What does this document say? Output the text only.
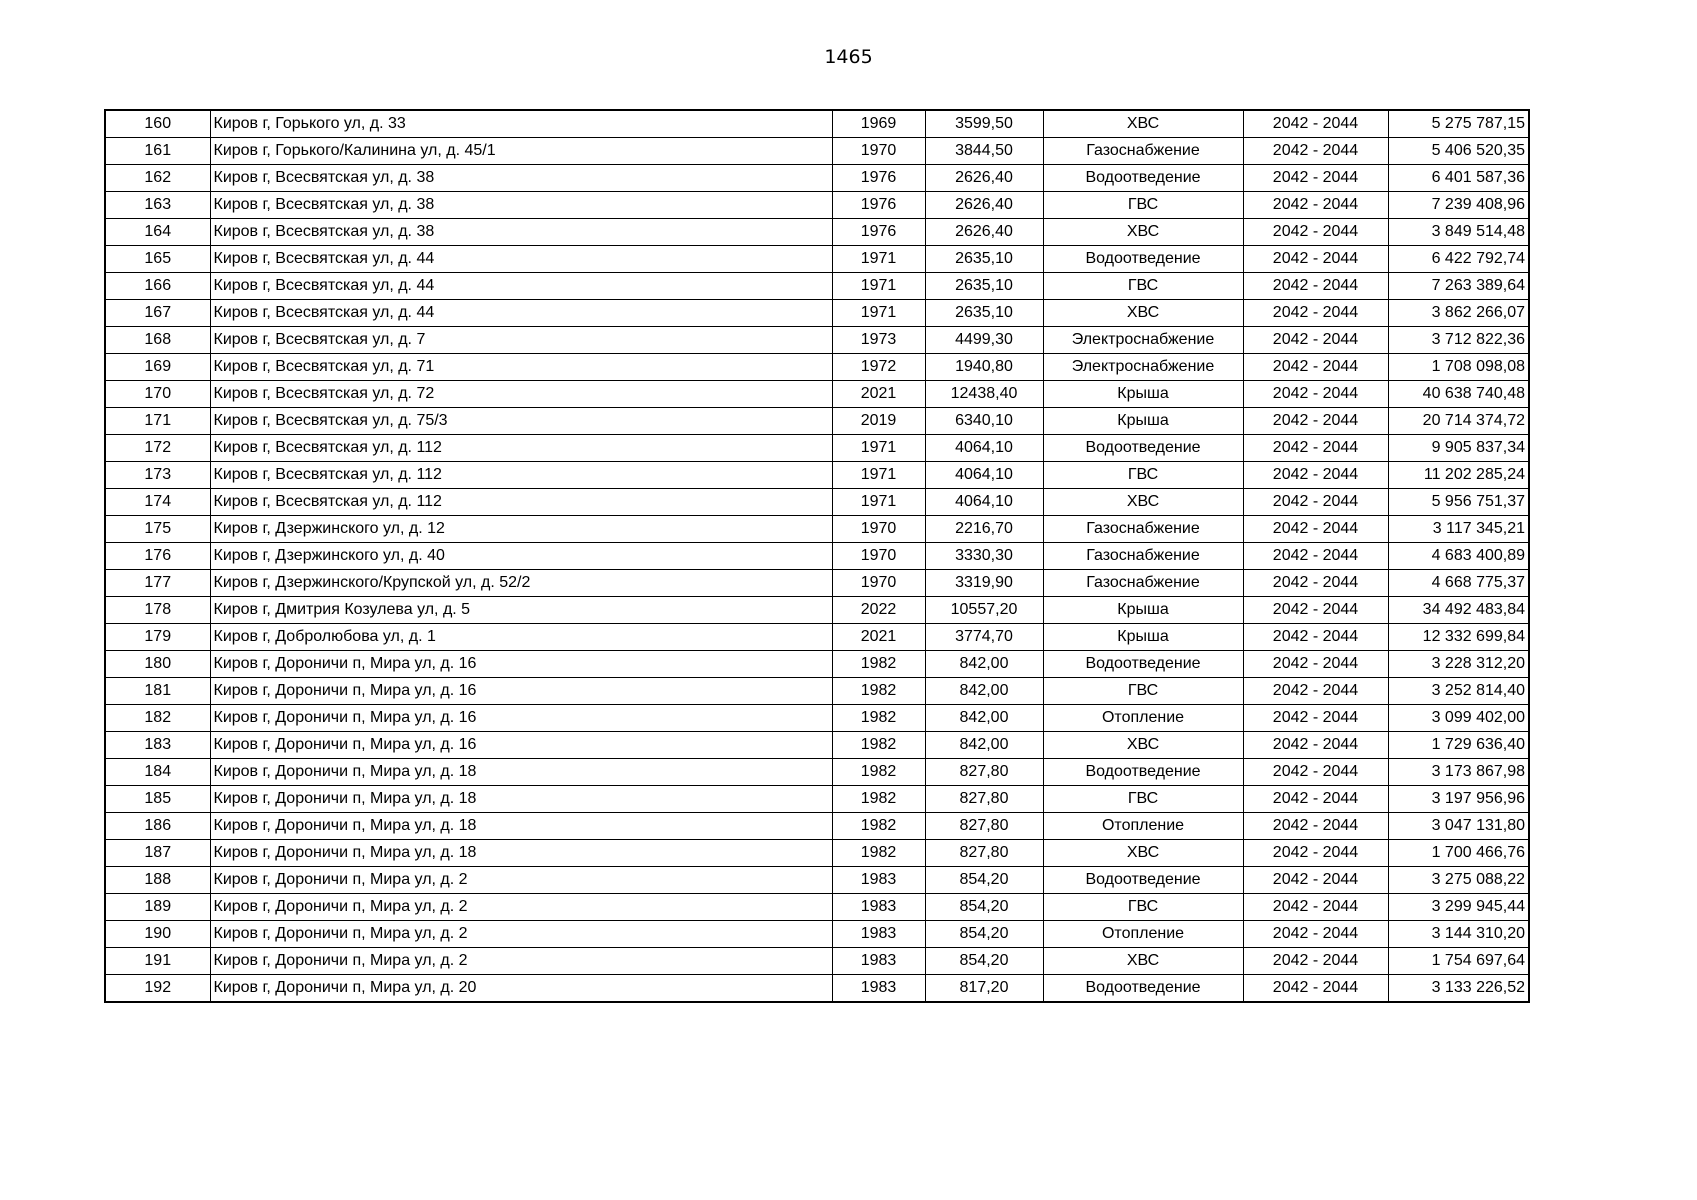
1465
160	Киров г, Горького ул, д. 33	1969	3599,50	ХВС	2042 - 2044	5 275 787,15
161	Киров г, Горького/Калинина ул, д. 45/1	1970	3844,50	Газоснабжение	2042 - 2044	5 406 520,35
162	Киров г, Всесвятская ул, д. 38	1976	2626,40	Водоотведение	2042 - 2044	6 401 587,36
163	Киров г, Всесвятская ул, д. 38	1976	2626,40	ГВС	2042 - 2044	7 239 408,96
164	Киров г, Всесвятская ул, д. 38	1976	2626,40	ХВС	2042 - 2044	3 849 514,48
165	Киров г, Всесвятская ул, д. 44	1971	2635,10	Водоотведение	2042 - 2044	6 422 792,74
166	Киров г, Всесвятская ул, д. 44	1971	2635,10	ГВС	2042 - 2044	7 263 389,64
167	Киров г, Всесвятская ул, д. 44	1971	2635,10	ХВС	2042 - 2044	3 862 266,07
168	Киров г, Всесвятская ул, д. 7	1973	4499,30	Электроснабжение	2042 - 2044	3 712 822,36
169	Киров г, Всесвятская ул, д. 71	1972	1940,80	Электроснабжение	2042 - 2044	1 708 098,08
170	Киров г, Всесвятская ул, д. 72	2021	12438,40	Крыша	2042 - 2044	40 638 740,48
171	Киров г, Всесвятская ул, д. 75/3	2019	6340,10	Крыша	2042 - 2044	20 714 374,72
172	Киров г, Всесвятская ул, д. 112	1971	4064,10	Водоотведение	2042 - 2044	9 905 837,34
173	Киров г, Всесвятская ул, д. 112	1971	4064,10	ГВС	2042 - 2044	11 202 285,24
174	Киров г, Всесвятская ул, д. 112	1971	4064,10	ХВС	2042 - 2044	5 956 751,37
175	Киров г, Дзержинского ул, д. 12	1970	2216,70	Газоснабжение	2042 - 2044	3 117 345,21
176	Киров г, Дзержинского ул, д. 40	1970	3330,30	Газоснабжение	2042 - 2044	4 683 400,89
177	Киров г, Дзержинского/Крупской ул, д. 52/2	1970	3319,90	Газоснабжение	2042 - 2044	4 668 775,37
178	Киров г, Дмитрия Козулева ул, д. 5	2022	10557,20	Крыша	2042 - 2044	34 492 483,84
179	Киров г, Добролюбова ул, д. 1	2021	3774,70	Крыша	2042 - 2044	12 332 699,84
180	Киров г, Дороничи п, Мира ул, д. 16	1982	842,00	Водоотведение	2042 - 2044	3 228 312,20
181	Киров г, Дороничи п, Мира ул, д. 16	1982	842,00	ГВС	2042 - 2044	3 252 814,40
182	Киров г, Дороничи п, Мира ул, д. 16	1982	842,00	Отопление	2042 - 2044	3 099 402,00
183	Киров г, Дороничи п, Мира ул, д. 16	1982	842,00	ХВС	2042 - 2044	1 729 636,40
184	Киров г, Дороничи п, Мира ул, д. 18	1982	827,80	Водоотведение	2042 - 2044	3 173 867,98
185	Киров г, Дороничи п, Мира ул, д. 18	1982	827,80	ГВС	2042 - 2044	3 197 956,96
186	Киров г, Дороничи п, Мира ул, д. 18	1982	827,80	Отопление	2042 - 2044	3 047 131,80
187	Киров г, Дороничи п, Мира ул, д. 18	1982	827,80	ХВС	2042 - 2044	1 700 466,76
188	Киров г, Дороничи п, Мира ул, д. 2	1983	854,20	Водоотведение	2042 - 2044	3 275 088,22
189	Киров г, Дороничи п, Мира ул, д. 2	1983	854,20	ГВС	2042 - 2044	3 299 945,44
190	Киров г, Дороничи п, Мира ул, д. 2	1983	854,20	Отопление	2042 - 2044	3 144 310,20
191	Киров г, Дороничи п, Мира ул, д. 2	1983	854,20	ХВС	2042 - 2044	1 754 697,64
192	Киров г, Дороничи п, Мира ул, д. 20	1983	817,20	Водоотведение	2042 - 2044	3 133 226,52
